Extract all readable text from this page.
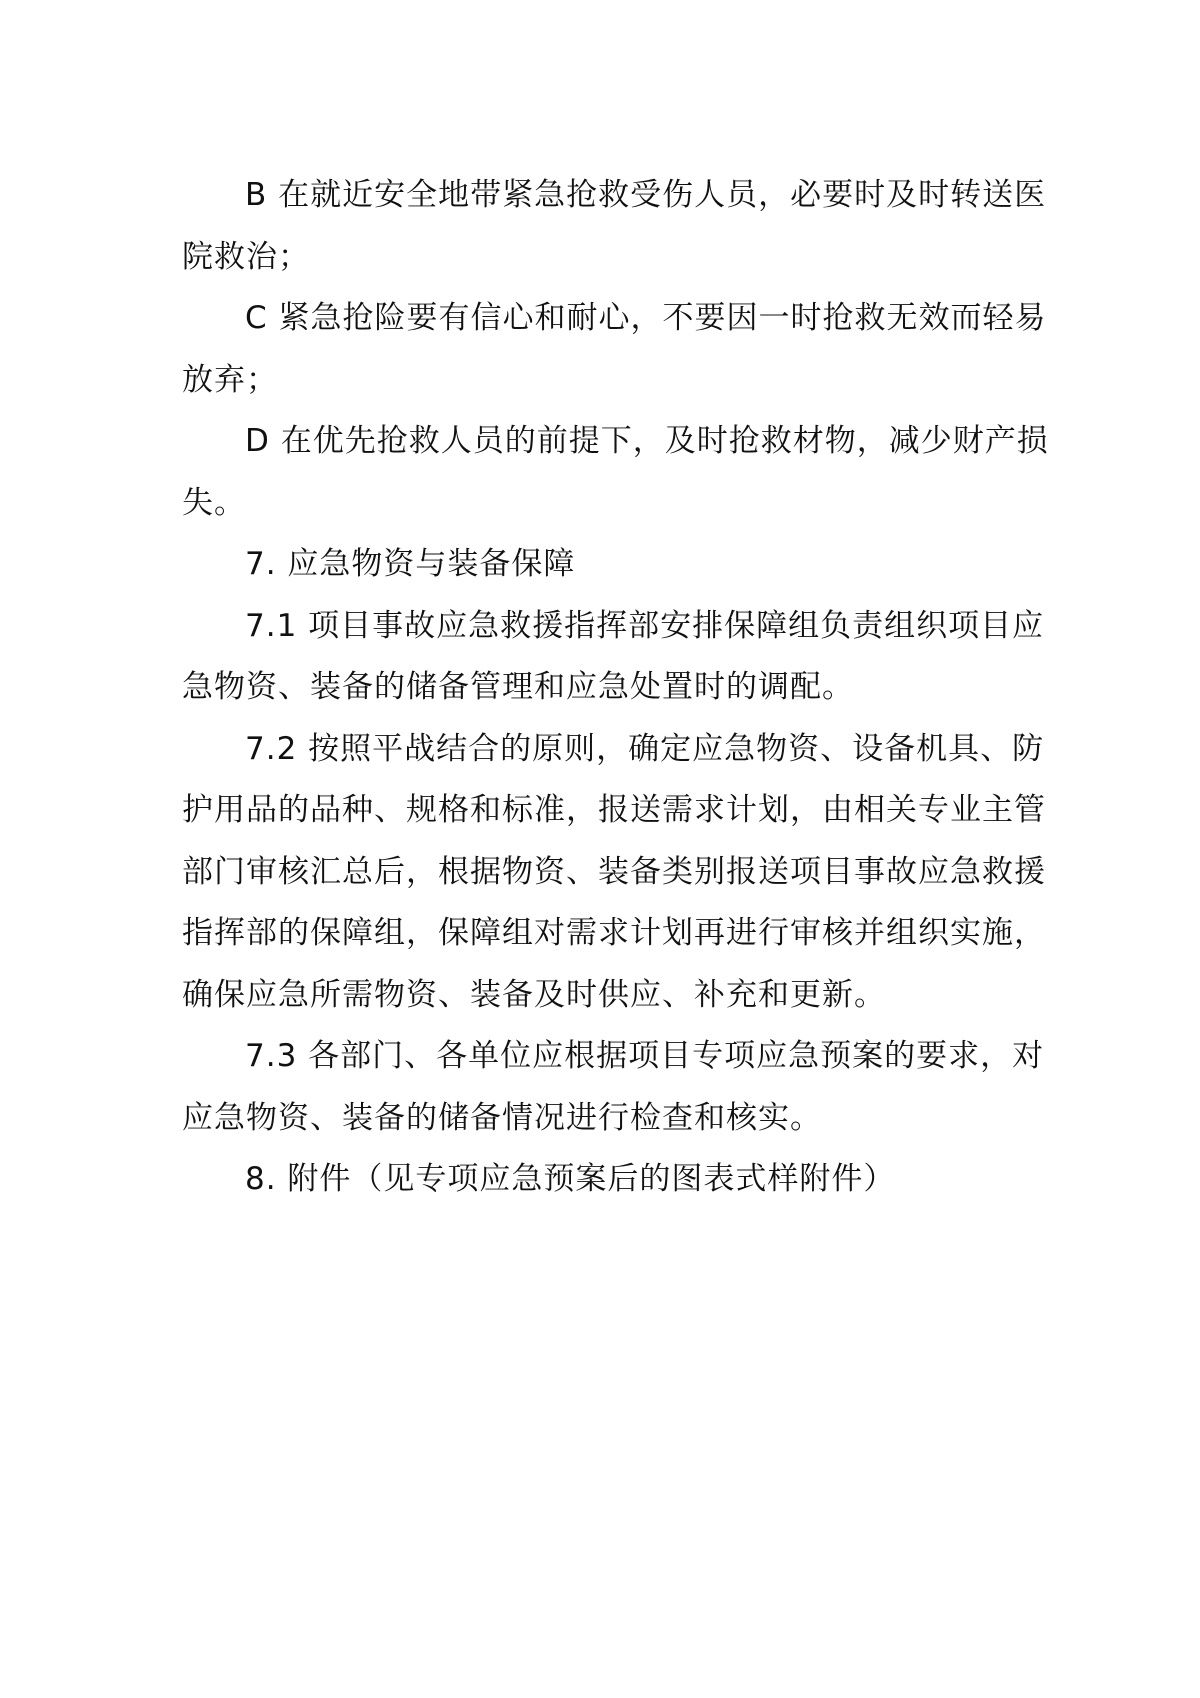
B 在就近安全地带紧急抢救受伤人员，必要时及时转送医
院救治；

C 紧急抢险要有信心和耐心，不要因一时抢救无效而轻易
放弃；

D 在优先抢救人员的前提下，及时抢救材物，减少财产损
失。

7. 应急物资与装备保障

7.1 项目事故应急救援指挥部安排保障组负责组织项目应
急物资、装备的储备管理和应急处置时的调配。

7.2 按照平战结合的原则，确定应急物资、设备机具、防
护用品的品种、规格和标准，报送需求计划，由相关专业主管
部门审核汇总后，根据物资、装备类别报送项目事故应急救援
指挥部的保障组，保障组对需求计划再进行审核并组织实施，
确保应急所需物资、装备及时供应、补充和更新。

7.3 各部门、各单位应根据项目专项应急预案的要求，对
应急物资、装备的储备情况进行检查和核实。

8. 附件（见专项应急预案后的图表式样附件）
